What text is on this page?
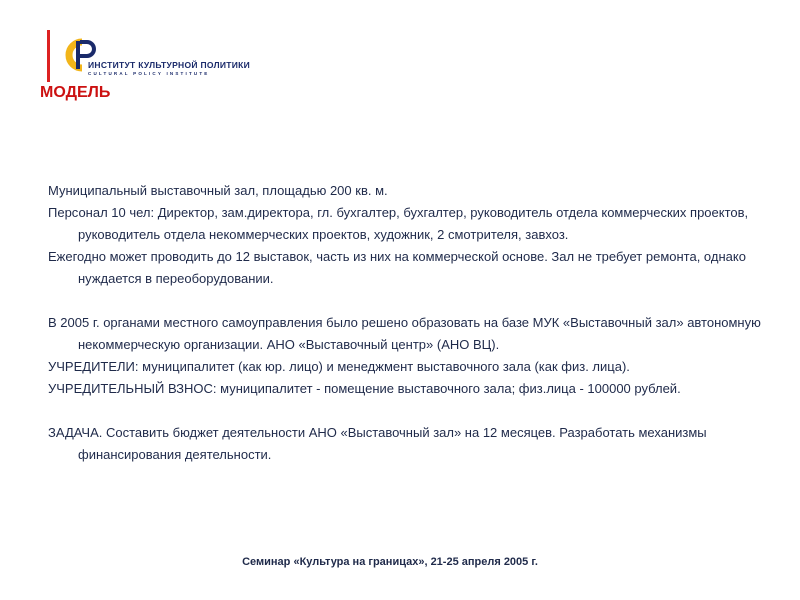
ИНСТИТУТ КУЛЬТУРНОЙ ПОЛИТИКИ
CULTURAL POLICY INSTITUTE
МОДЕЛЬ

Муниципальный выставочный зал, площадью 200 кв. м.

Персонал 10 чел: Директор, зам.директора, гл. бухгалтер, бухгалтер, руководитель отдела коммерческих проектов, руководитель отдела некоммерческих проектов, художник, 2 смотрителя, завхоз.

Ежегодно может проводить до 12 выставок, часть из них на коммерческой основе. Зал не требует ремонта, однако нуждается в переоборудовании.

В 2005 г. органами местного самоуправления было решено образовать на базе МУК «Выставочный зал» автономную некоммерческую организации. АНО «Выставочный центр» (АНО ВЦ).

УЧРЕДИТЕЛИ: муниципалитет (как юр. лицо) и менеджмент выставочного зала (как физ. лица).

УЧРЕДИТЕЛЬНЫЙ ВЗНОС: муниципалитет - помещение выставочного зала; физ.лица - 100000 рублей.

ЗАДАЧА. Составить бюджет деятельности АНО «Выставочный зал» на 12 месяцев. Разработать механизмы финансирования деятельности.

Семинар «Культура на границах», 21-25 апреля 2005 г.
